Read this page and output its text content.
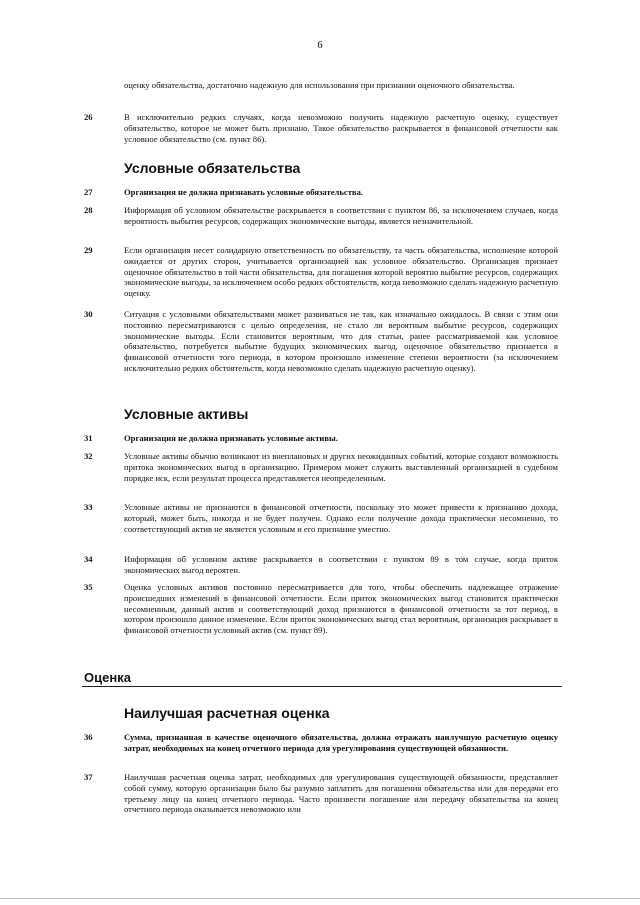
6
оценку обязательства, достаточно надежную для использования при признании оценочного обязательства.
26	В исключительно редких случаях, когда невозможно получить надежную расчетную оценку, существует обязательство, которое не может быть признано. Такое обязательство раскрывается в финансовой отчетности как условное обязательство (см. пункт 86).
Условные обязательства
27	Организация не должна признавать условные обязательства.
28	Информация об условном обязательстве раскрывается в соответствии с пунктом 86, за исключением случаев, когда вероятность выбытия ресурсов, содержащих экономические выгоды, является незначительной.
29	Если организация несет солидарную ответственность по обязательству, та часть обязательства, исполнение которой ожидается от других сторон, учитывается организацией как условное обязательство. Организация признает оценочное обязательство в той части обязательства, для погашения которой вероятно выбытие ресурсов, содержащих экономические выгоды, за исключением особо редких обстоятельств, когда невозможно сделать надежную расчетную оценку.
30	Ситуация с условными обязательствами может развиваться не так, как изначально ожидалось. В связи с этим они постоянно пересматриваются с целью определения, не стало ли вероятным выбытие ресурсов, содержащих экономические выгоды. Если становится вероятным, что для статьи, ранее рассматриваемой как условное обязательство, потребуется выбытие будущих экономических выгод, оценочное обязательство признается в финансовой отчетности того периода, в котором произошло изменение степени вероятности (за исключением исключительно редких обстоятельств, когда невозможно сделать надежную расчетную оценку).
Условные активы
31	Организация не должна признавать условные активы.
32	Условные активы обычно возникают из внеплановых и других неожиданных событий, которые создают возможность притока экономических выгод в организацию. Примером может служить выставленный организацией в судебном порядке иск, если результат процесса представляется неопределенным.
33	Условные активы не признаются в финансовой отчетности, поскольку это может привести к признанию дохода, который, может быть, никогда и не будет получен. Однако если получение дохода практически несомненно, то соответствующий актив не является условным и его признание уместно.
34	Информация об условном активе раскрывается в соответствии с пунктом 89 в том случае, когда приток экономических выгод вероятен.
35	Оценка условных активов постоянно пересматривается для того, чтобы обеспечить надлежащее отражение происшедших изменений в финансовой отчетности. Если приток экономических выгод становится практически несомненным, данный актив и соответствующий доход признаются в финансовой отчетности за тот период, в котором произошло данное изменение. Если приток экономических выгод стал вероятным, организация раскрывает в финансовой отчетности условный актив (см. пункт 89).
Оценка
Наилучшая расчетная оценка
36	Сумма, признанная в качестве оценочного обязательства, должна отражать наилучшую расчетную оценку затрат, необходимых на конец отчетного периода для урегулирования существующей обязанности.
37	Наилучшая расчетная оценка затрат, необходимых для урегулирования существующей обязанности, представляет собой сумму, которую организации было бы разумно заплатить для погашения обязательства или для передачи его третьему лицу на конец отчетного периода. Часто произвести погашение или передачу обязательства на конец отчетного периода оказывается невозможно или
